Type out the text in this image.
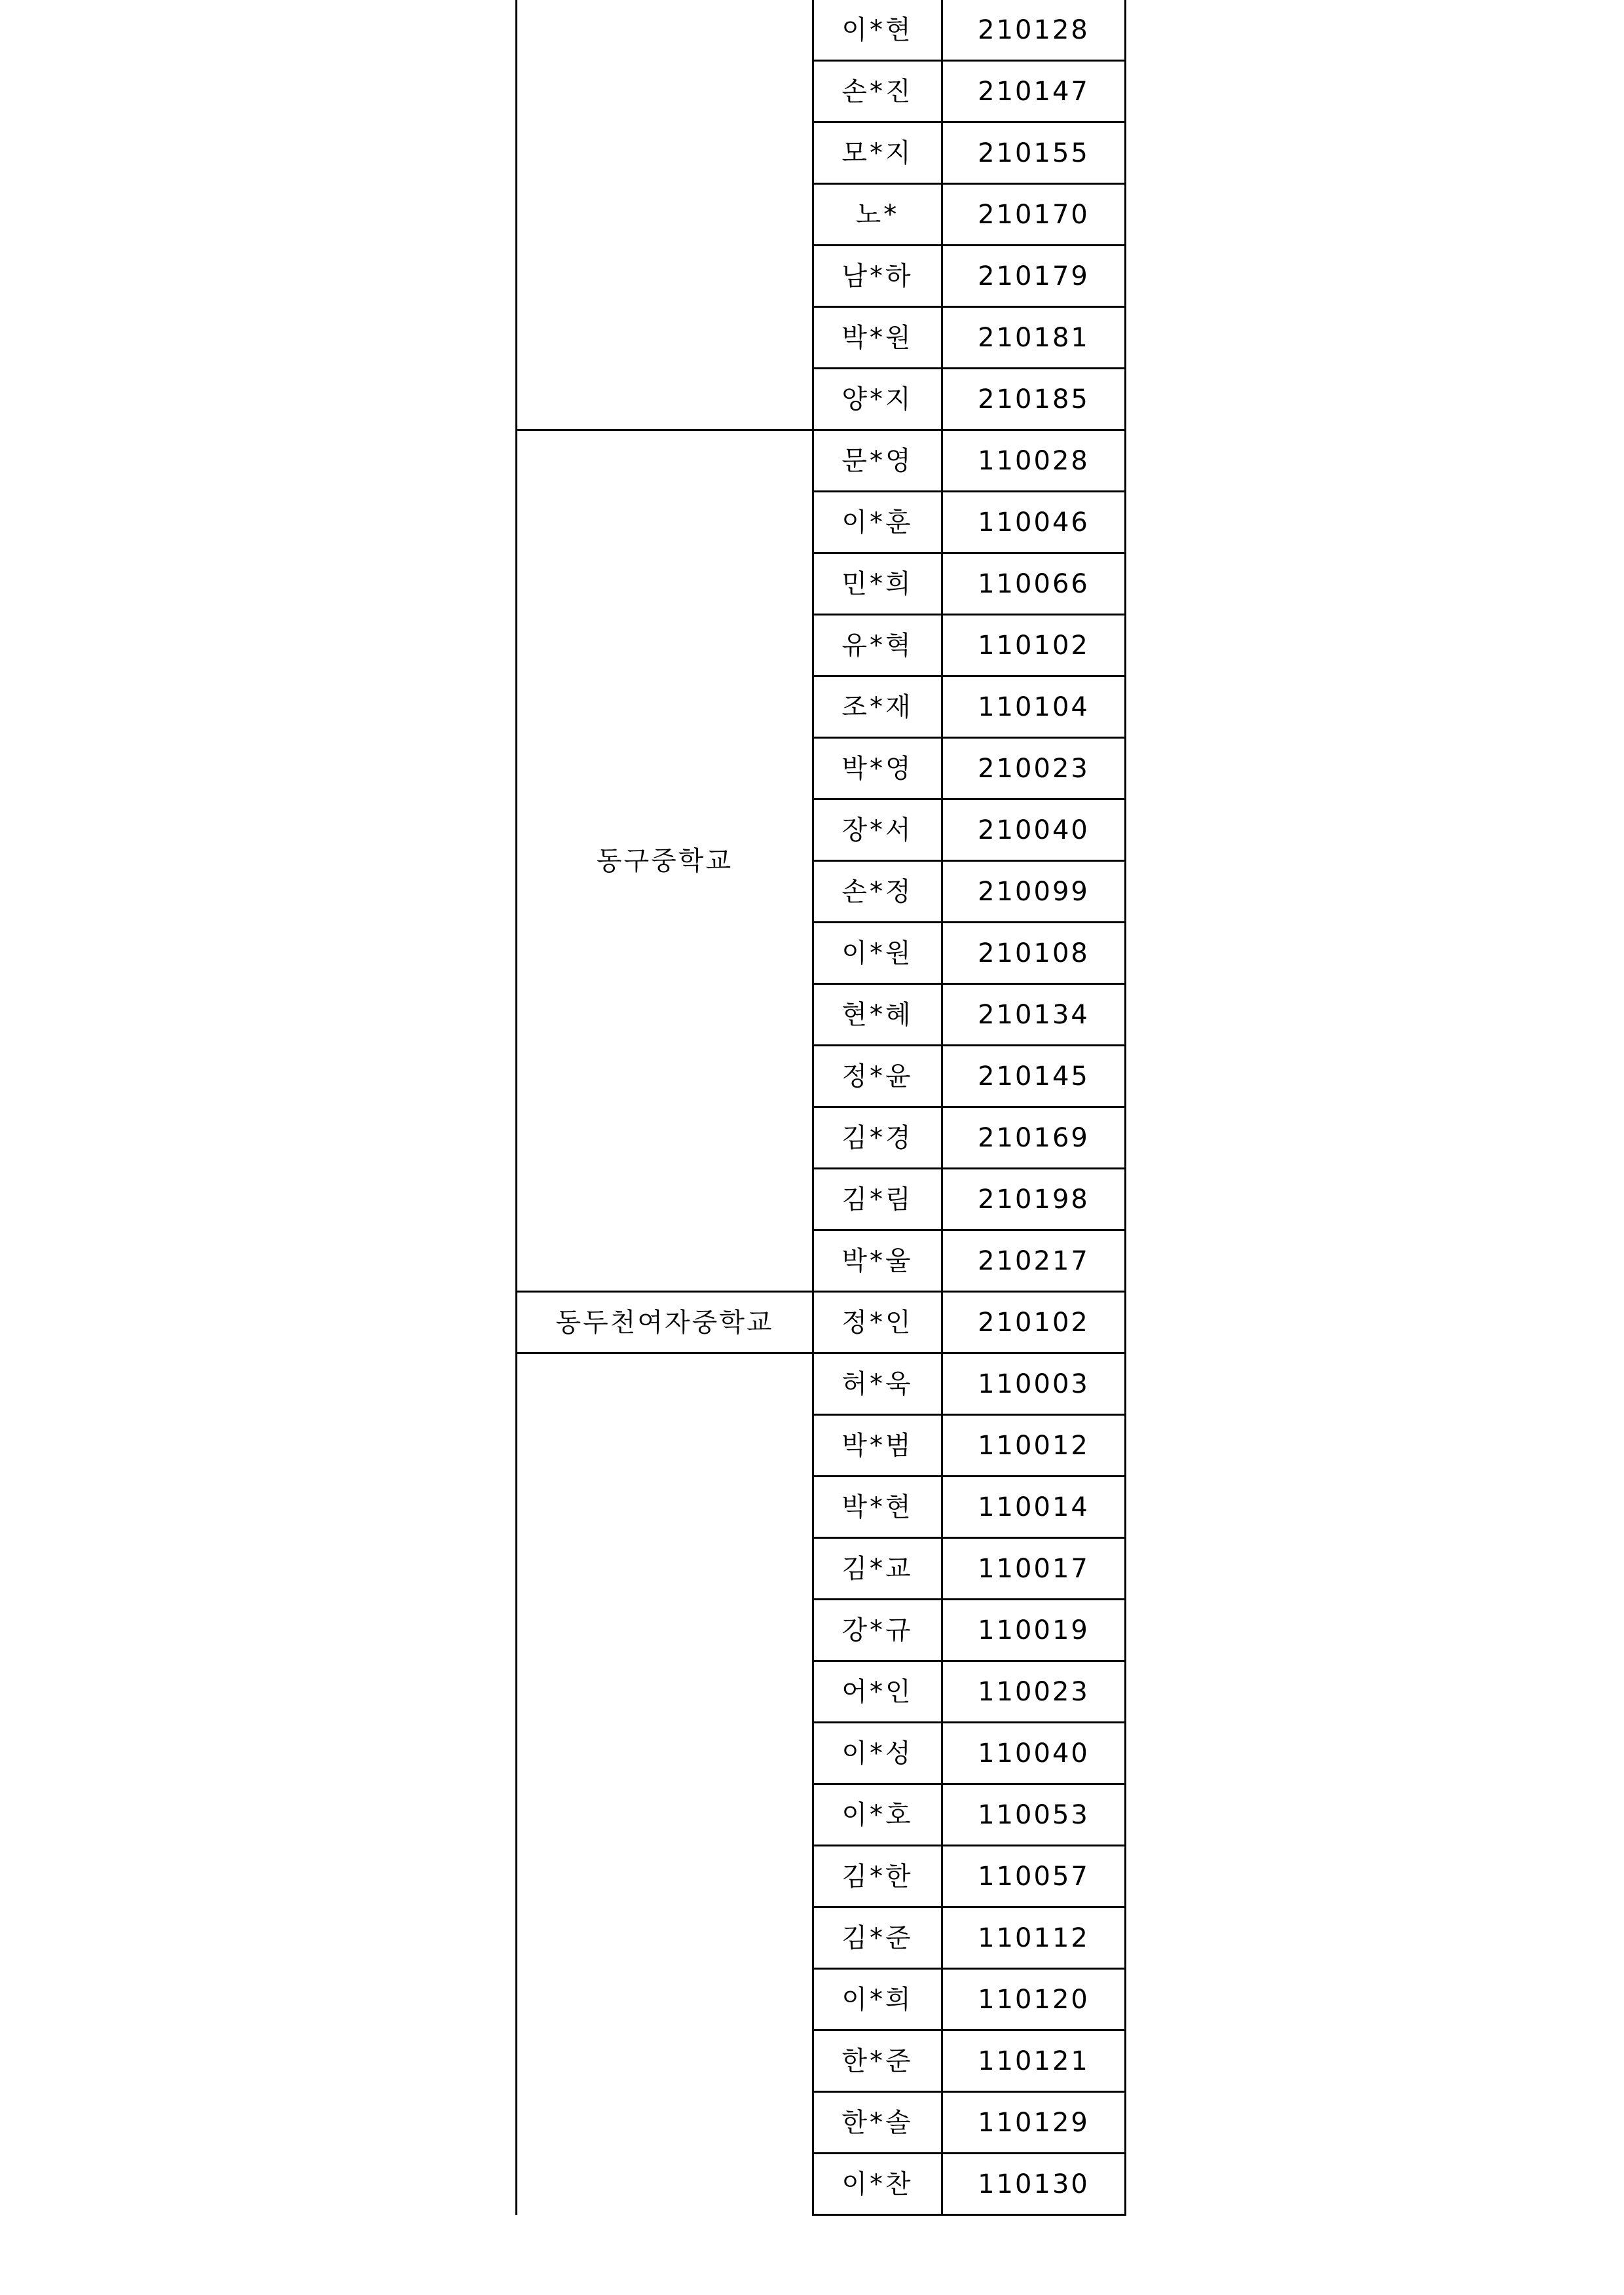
	이*현	210128
	손*진	210147
	모*지	210155
	노*	210170
	남*하	210179
	박*원	210181
	양*지	210185
동구중학교	문*영	110028
	이*훈	110046
	민*희	110066
	유*혁	110102
	조*재	110104
	박*영	210023
	장*서	210040
	손*정	210099
	이*원	210108
	현*혜	210134
	정*윤	210145
	김*경	210169
	김*림	210198
	박*울	210217
동두천여자중학교	정*인	210102
	허*욱	110003
	박*범	110012
	박*현	110014
	김*교	110017
	강*규	110019
	어*인	110023
	이*성	110040
	이*호	110053
	김*한	110057
	김*준	110112
	이*희	110120
	한*준	110121
	한*솔	110129
	이*찬	110130
